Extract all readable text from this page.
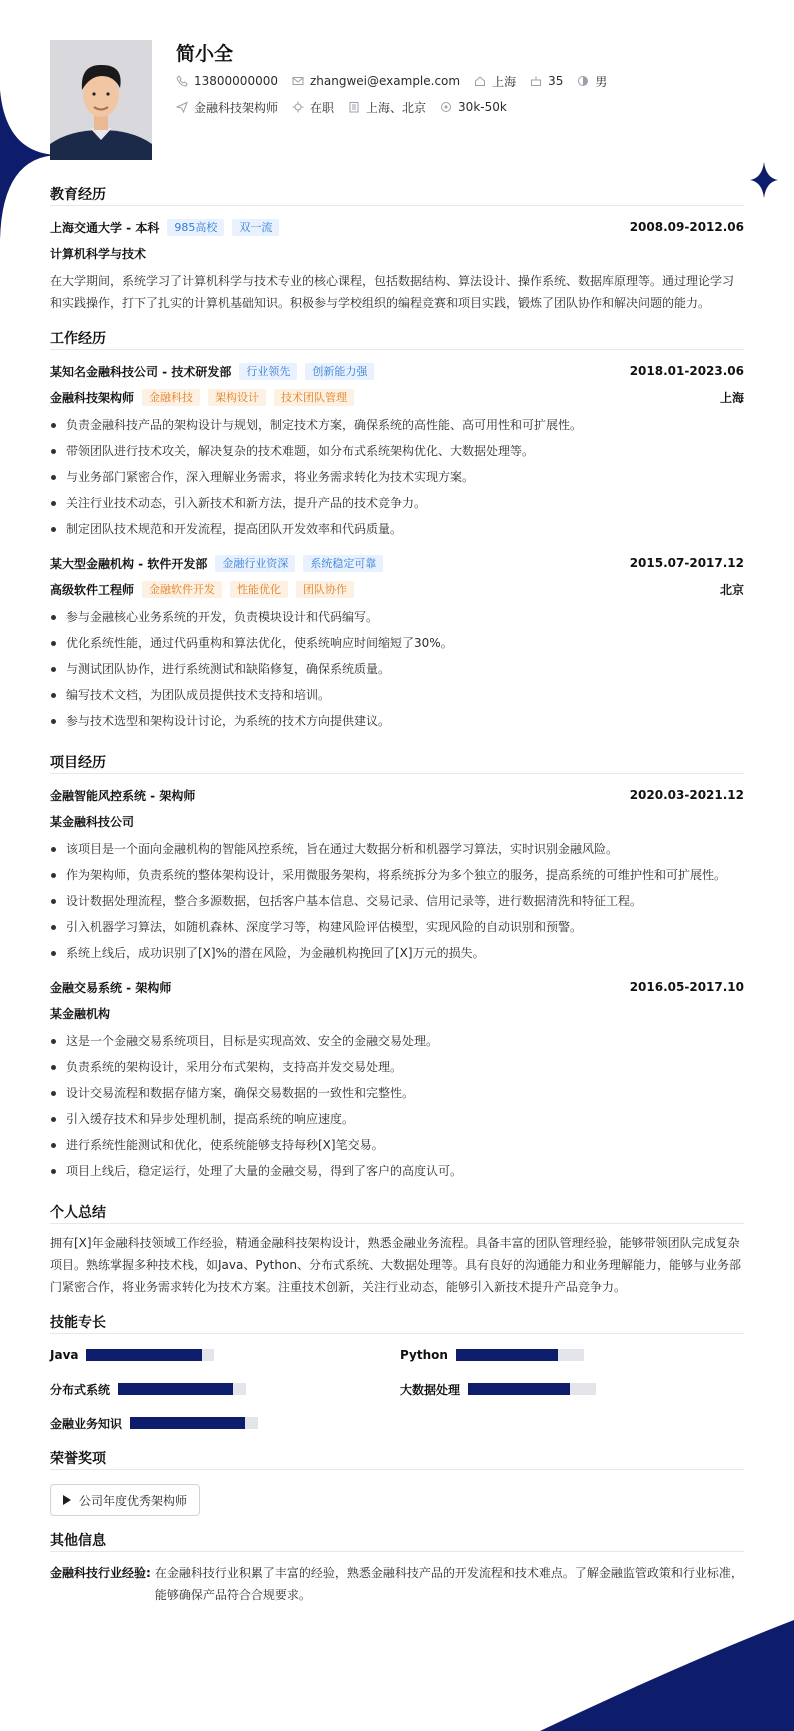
简小全
13800000000	zhangwei@example.com	上海	35	男
金融科技架构师	在职	上海、北京	30k-50k
教育经历
上海交通大学 - 本科	985高校	双一流	2008.09-2012.06
计算机科学与技术

在大学期间，系统学习了计算机科学与技术专业的核心课程，包括数据结构、算法设计、操作系统、数据库原理等。通过理论学习和实践操作，打下了扎实的计算机基础知识。积极参与学校组织的编程竞赛和项目实践，锻炼了团队协作和解决问题的能力。

工作经历
某知名金融科技公司 - 技术研发部	行业领先	创新能力强	2018.01-2023.06
金融科技架构师	金融科技	架构设计	技术团队管理	上海
负责金融科技产品的架构设计与规划，制定技术方案，确保系统的高性能、高可用性和可扩展性。
带领团队进行技术攻关，解决复杂的技术难题，如分布式系统架构优化、大数据处理等。
与业务部门紧密合作，深入理解业务需求，将业务需求转化为技术实现方案。
关注行业技术动态，引入新技术和新方法，提升产品的技术竞争力。
制定团队技术规范和开发流程，提高团队开发效率和代码质量。
某大型金融机构 - 软件开发部	金融行业资深	系统稳定可靠	2015.07-2017.12
高级软件工程师	金融软件开发	性能优化	团队协作	北京
参与金融核心业务系统的开发，负责模块设计和代码编写。
优化系统性能，通过代码重构和算法优化，使系统响应时间缩短了30%。
与测试团队协作，进行系统测试和缺陷修复，确保系统质量。
编写技术文档，为团队成员提供技术支持和培训。
参与技术选型和架构设计讨论，为系统的技术方向提供建议。
项目经历
金融智能风控系统 - 架构师	2020.03-2021.12
某金融科技公司
该项目是一个面向金融机构的智能风控系统，旨在通过大数据分析和机器学习算法，实时识别金融风险。
作为架构师，负责系统的整体架构设计，采用微服务架构，将系统拆分为多个独立的服务，提高系统的可维护性和可扩展性。
设计数据处理流程，整合多源数据，包括客户基本信息、交易记录、信用记录等，进行数据清洗和特征工程。
引入机器学习算法，如随机森林、深度学习等，构建风险评估模型，实现风险的自动识别和预警。
系统上线后，成功识别了[X]%的潜在风险，为金融机构挽回了[X]万元的损失。
金融交易系统 - 架构师	2016.05-2017.10
某金融机构
这是一个金融交易系统项目，目标是实现高效、安全的金融交易处理。
负责系统的架构设计，采用分布式架构，支持高并发交易处理。
设计交易流程和数据存储方案，确保交易数据的一致性和完整性。
引入缓存技术和异步处理机制，提高系统的响应速度。
进行系统性能测试和优化，使系统能够支持每秒[X]笔交易。
项目上线后，稳定运行，处理了大量的金融交易，得到了客户的高度认可。
个人总结

拥有[X]年金融科技领域工作经验，精通金融科技架构设计，熟悉金融业务流程。具备丰富的团队管理经验，能够带领团队完成复杂项目。熟练掌握多种技术栈，如Java、Python、分布式系统、大数据处理等。具有良好的沟通能力和业务理解能力，能够与业务部门紧密合作，将业务需求转化为技术方案。注重技术创新，关注行业动态，能够引入新技术提升产品竞争力。

技能专长
Java	Python
分布式系统	大数据处理
金融业务知识
荣誉奖项
公司年度优秀架构师
其他信息
金融科技行业经验: 在金融科技行业积累了丰富的经验，熟悉金融科技产品的开发流程和技术难点。了解金融监管政策和行业标准，能够确保产品符合合规要求。
